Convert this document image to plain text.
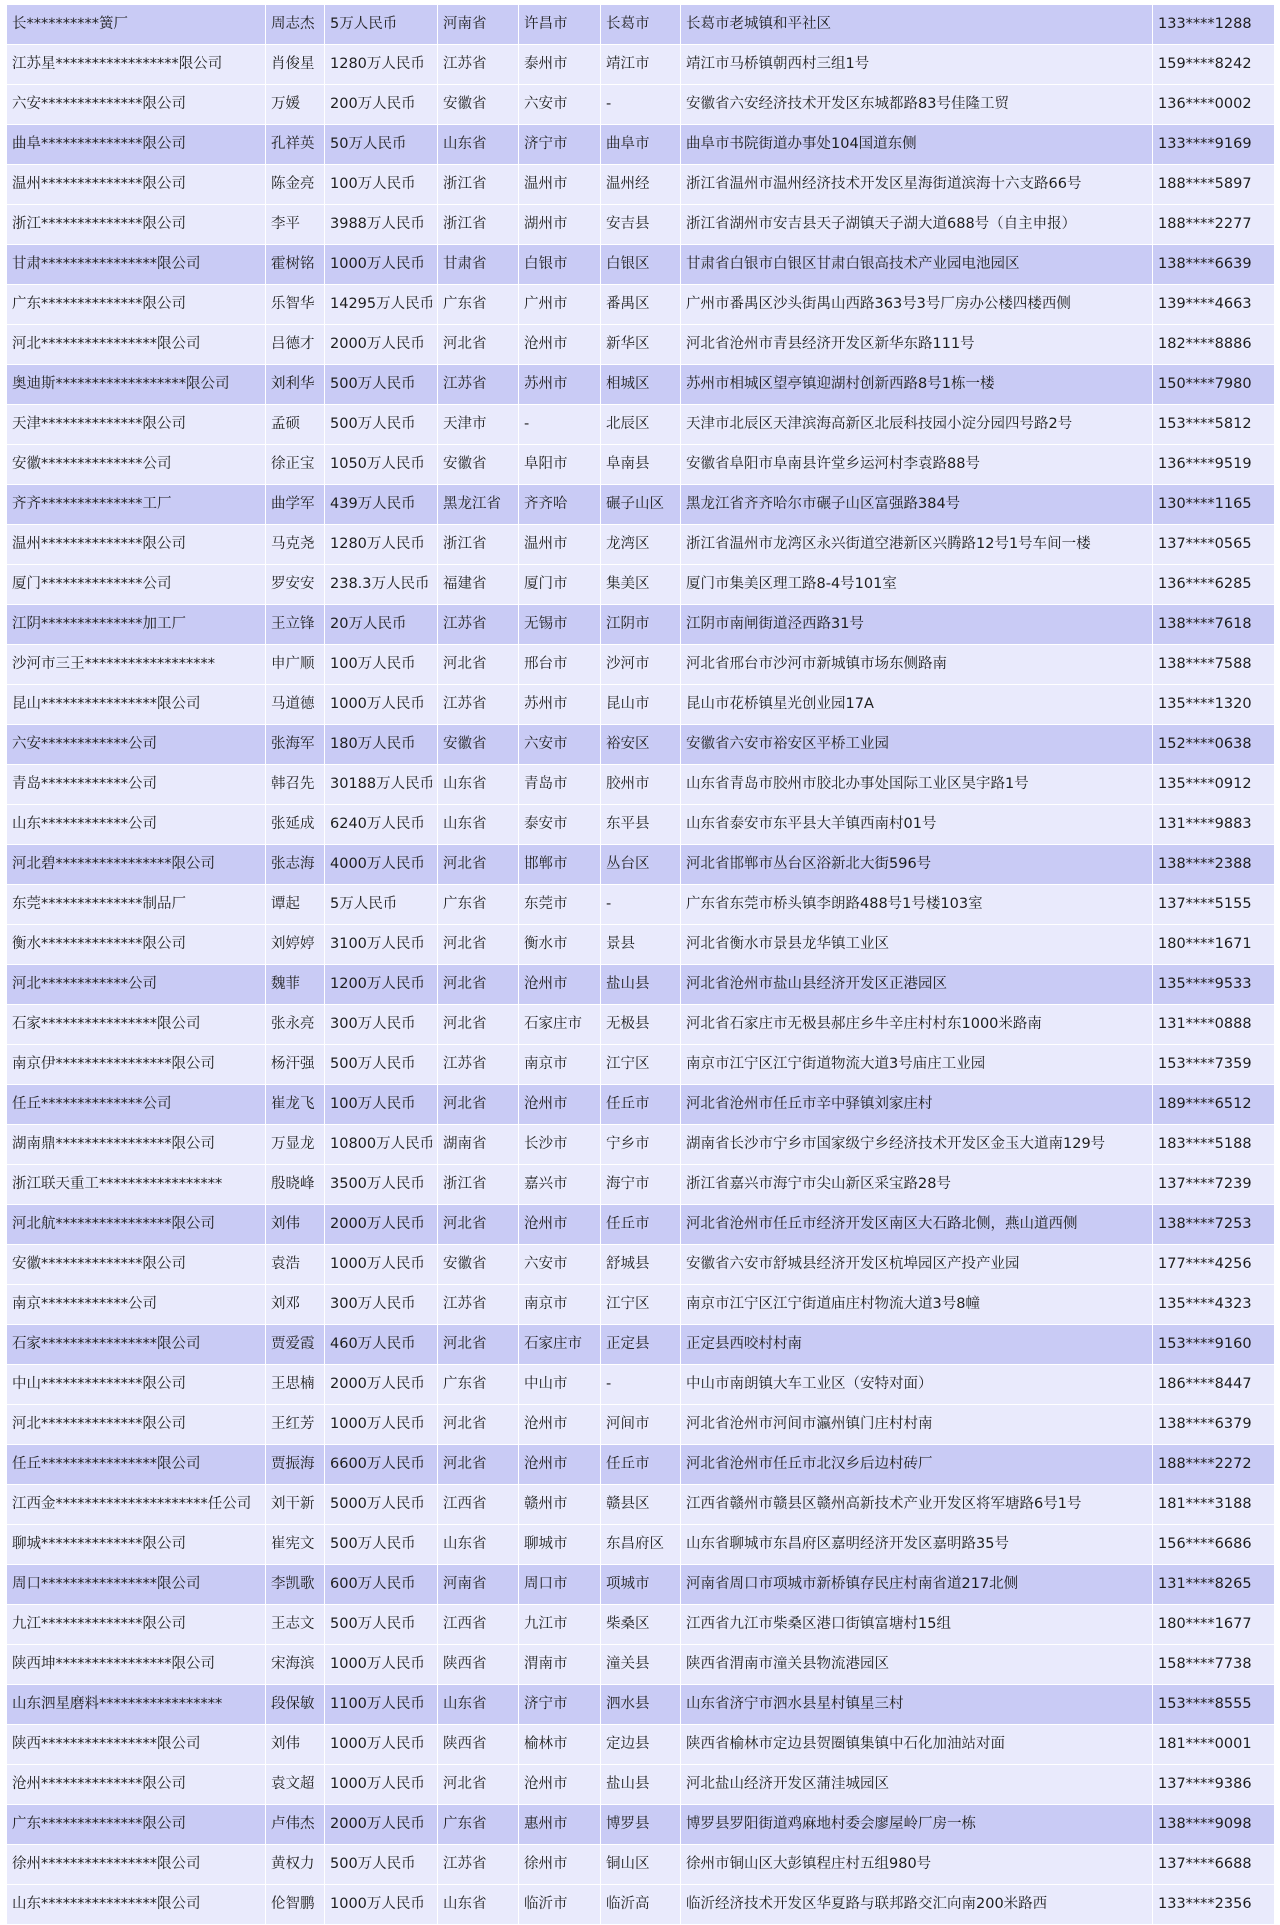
长**********簧厂	周志杰	5万人民币	河南省	许昌市	长葛市	长葛市老城镇和平社区	133****1288
江苏星*****************限公司	肖俊星	1280万人民币	江苏省	泰州市	靖江市	靖江市马桥镇朝西村三组1号	159****8242
六安**************限公司	万媛	200万人民币	安徽省	六安市	-	安徽省六安经济技术开发区东城都路83号佳隆工贸	136****0002
曲阜**************限公司	孔祥英	50万人民币	山东省	济宁市	曲阜市	曲阜市书院街道办事处104国道东侧	133****9169
温州**************限公司	陈金亮	100万人民币	浙江省	温州市	温州经	浙江省温州市温州经济技术开发区星海街道滨海十六支路66号	188****5897
浙江**************限公司	李平	3988万人民币	浙江省	湖州市	安吉县	浙江省湖州市安吉县天子湖镇天子湖大道688号（自主申报）	188****2277
甘肃****************限公司	霍树铭	1000万人民币	甘肃省	白银市	白银区	甘肃省白银市白银区甘肃白银高技术产业园电池园区	138****6639
广东**************限公司	乐智华	14295万人民币	广东省	广州市	番禺区	广州市番禺区沙头街禺山西路363号3号厂房办公楼四楼西侧	139****4663
河北****************限公司	吕德才	2000万人民币	河北省	沧州市	新华区	河北省沧州市青县经济开发区新华东路111号	182****8886
奥迪斯******************限公司	刘利华	500万人民币	江苏省	苏州市	相城区	苏州市相城区望亭镇迎湖村创新西路8号1栋一楼	150****7980
天津**************限公司	孟硕	500万人民币	天津市	-	北辰区	天津市北辰区天津滨海高新区北辰科技园小淀分园四号路2号	153****5812
安徽**************公司	徐正宝	1050万人民币	安徽省	阜阳市	阜南县	安徽省阜阳市阜南县许堂乡运河村李袁路88号	136****9519
齐齐**************工厂	曲学军	439万人民币	黑龙江省	齐齐哈	碾子山区	黑龙江省齐齐哈尔市碾子山区富强路384号	130****1165
温州**************限公司	马克尧	1280万人民币	浙江省	温州市	龙湾区	浙江省温州市龙湾区永兴街道空港新区兴腾路12号1号车间一楼	137****0565
厦门**************公司	罗安安	238.3万人民币	福建省	厦门市	集美区	厦门市集美区理工路8-4号101室	136****6285
江阴**************加工厂	王立锋	20万人民币	江苏省	无锡市	江阴市	江阴市南闸街道泾西路31号	138****7618
沙河市三王******************	申广顺	100万人民币	河北省	邢台市	沙河市	河北省邢台市沙河市新城镇市场东侧路南	138****7588
昆山****************限公司	马道德	1000万人民币	江苏省	苏州市	昆山市	昆山市花桥镇星光创业园17A	135****1320
六安************公司	张海军	180万人民币	安徽省	六安市	裕安区	安徽省六安市裕安区平桥工业园	152****0638
青岛************公司	韩召先	30188万人民币	山东省	青岛市	胶州市	山东省青岛市胶州市胶北办事处国际工业区昊宇路1号	135****0912
山东************公司	张延成	6240万人民币	山东省	泰安市	东平县	山东省泰安市东平县大羊镇西南村01号	131****9883
河北碧****************限公司	张志海	4000万人民币	河北省	邯郸市	丛台区	河北省邯郸市丛台区浴新北大街596号	138****2388
东莞**************制品厂	谭起	5万人民币	广东省	东莞市	-	广东省东莞市桥头镇李朗路488号1号楼103室	137****5155
衡水**************限公司	刘婷婷	3100万人民币	河北省	衡水市	景县	河北省衡水市景县龙华镇工业区	180****1671
河北************公司	魏菲	1200万人民币	河北省	沧州市	盐山县	河北省沧州市盐山县经济开发区正港园区	135****9533
石家****************限公司	张永亮	300万人民币	河北省	石家庄市	无极县	河北省石家庄市无极县郝庄乡牛辛庄村村东1000米路南	131****0888
南京伊****************限公司	杨汗强	500万人民币	江苏省	南京市	江宁区	南京市江宁区江宁街道物流大道3号庙庄工业园	153****7359
任丘**************公司	崔龙飞	100万人民币	河北省	沧州市	任丘市	河北省沧州市任丘市辛中驿镇刘家庄村	189****6512
湖南鼎****************限公司	万显龙	10800万人民币	湖南省	长沙市	宁乡市	湖南省长沙市宁乡市国家级宁乡经济技术开发区金玉大道南129号	183****5188
浙江联天重工*****************	殷晓峰	3500万人民币	浙江省	嘉兴市	海宁市	浙江省嘉兴市海宁市尖山新区采宝路28号	137****7239
河北航****************限公司	刘伟	2000万人民币	河北省	沧州市	任丘市	河北省沧州市任丘市经济开发区南区大石路北侧，燕山道西侧	138****7253
安徽**************限公司	袁浩	1000万人民币	安徽省	六安市	舒城县	安徽省六安市舒城县经济开发区杭埠园区产投产业园	177****4256
南京************公司	刘邓	300万人民币	江苏省	南京市	江宁区	南京市江宁区江宁街道庙庄村物流大道3号8幢	135****4323
石家****************限公司	贾爱霞	460万人民币	河北省	石家庄市	正定县	正定县西咬村村南	153****9160
中山**************限公司	王思楠	2000万人民币	广东省	中山市	-	中山市南朗镇大车工业区（安特对面）	186****8447
河北**************限公司	王红芳	1000万人民币	河北省	沧州市	河间市	河北省沧州市河间市瀛州镇门庄村村南	138****6379
任丘****************限公司	贾振海	6600万人民币	河北省	沧州市	任丘市	河北省沧州市任丘市北汉乡后边村砖厂	188****2272
江西金*********************任公司	刘干新	5000万人民币	江西省	赣州市	赣县区	江西省赣州市赣县区赣州高新技术产业开发区将军塘路6号1号	181****3188
聊城**************限公司	崔宪文	500万人民币	山东省	聊城市	东昌府区	山东省聊城市东昌府区嘉明经济开发区嘉明路35号	156****6686
周口****************限公司	李凯歌	600万人民币	河南省	周口市	项城市	河南省周口市项城市新桥镇存民庄村南省道217北侧	131****8265
九江**************限公司	王志文	500万人民币	江西省	九江市	柴桑区	江西省九江市柴桑区港口街镇富塘村15组	180****1677
陕西坤****************限公司	宋海滨	1000万人民币	陕西省	渭南市	潼关县	陕西省渭南市潼关县物流港园区	158****7738
山东泗星磨料*****************	段保敏	1100万人民币	山东省	济宁市	泗水县	山东省济宁市泗水县星村镇星三村	153****8555
陕西****************限公司	刘伟	1000万人民币	陕西省	榆林市	定边县	陕西省榆林市定边县贺圈镇集镇中石化加油站对面	181****0001
沧州**************限公司	袁文超	1000万人民币	河北省	沧州市	盐山县	河北盐山经济开发区蒲洼城园区	137****9386
广东**************限公司	卢伟杰	2000万人民币	广东省	惠州市	博罗县	博罗县罗阳街道鸡麻地村委会廖屋岭厂房一栋	138****9098
徐州****************限公司	黄权力	500万人民币	江苏省	徐州市	铜山区	徐州市铜山区大彭镇程庄村五组980号	137****6688
山东****************限公司	伦智鹏	1000万人民币	山东省	临沂市	临沂高	临沂经济技术开发区华夏路与联邦路交汇向南200米路西	133****2356
